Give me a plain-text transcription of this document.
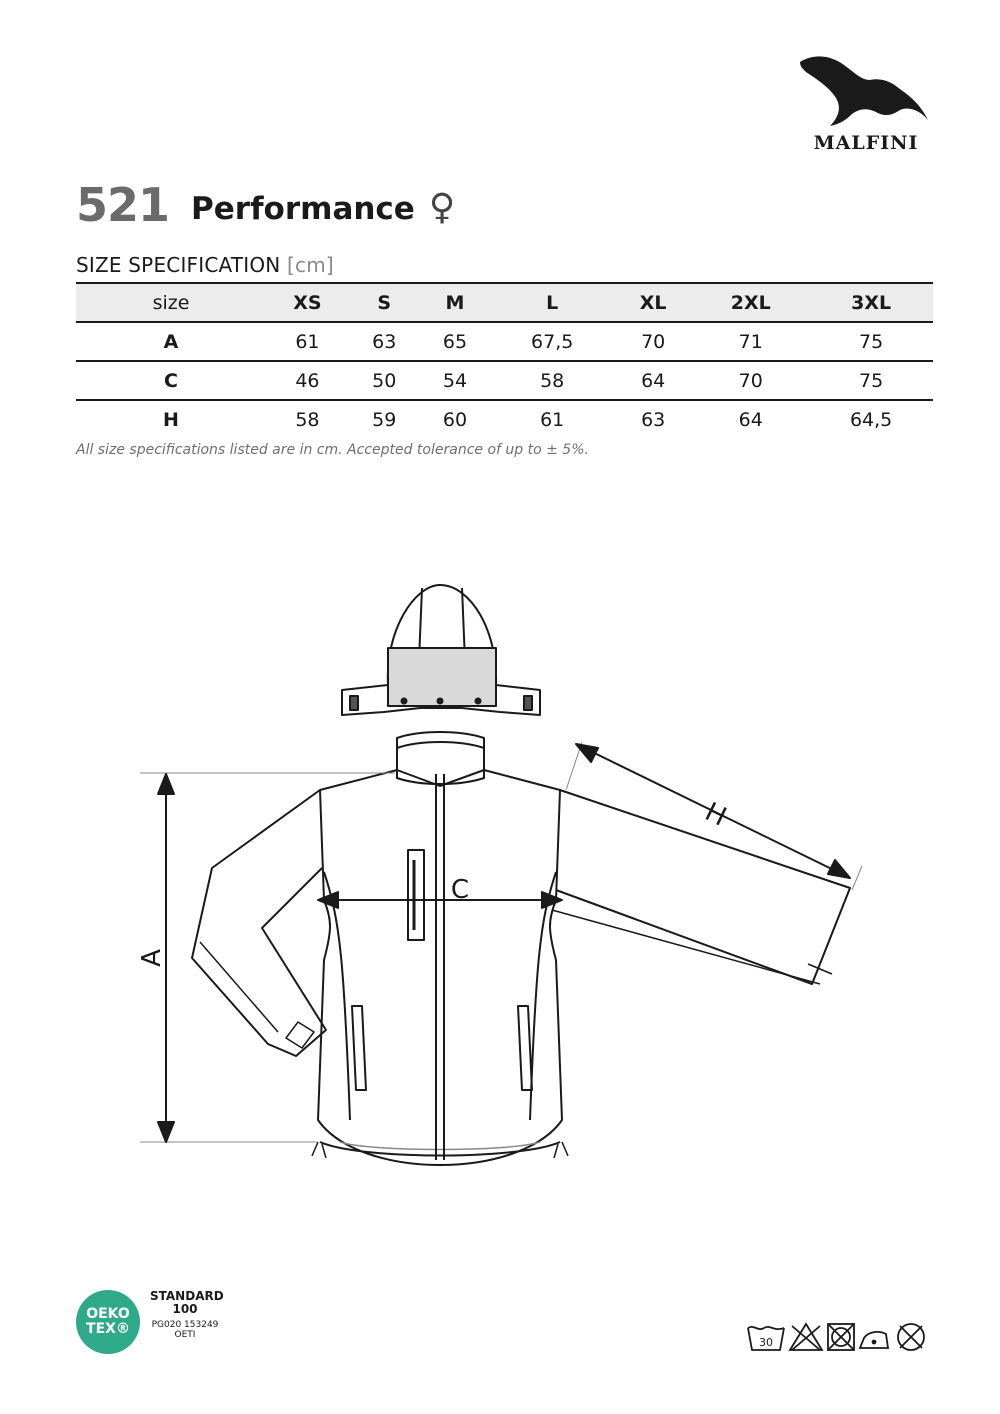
MALFINI
521 Performance ♀
SIZE SPECIFICATION [cm]
size	XS	S	M	L	XL	2XL	3XL
A	61	63	65	67,5	70	71	75
C	46	50	54	58	64	70	75
H	58	59	60	61	63	64	64,5
All size specifications listed are in cm. Accepted tolerance of up to ± 5%.
A
C
H
OEKO
TEX®
STANDARD
100
PG020 153249
OETI
30
